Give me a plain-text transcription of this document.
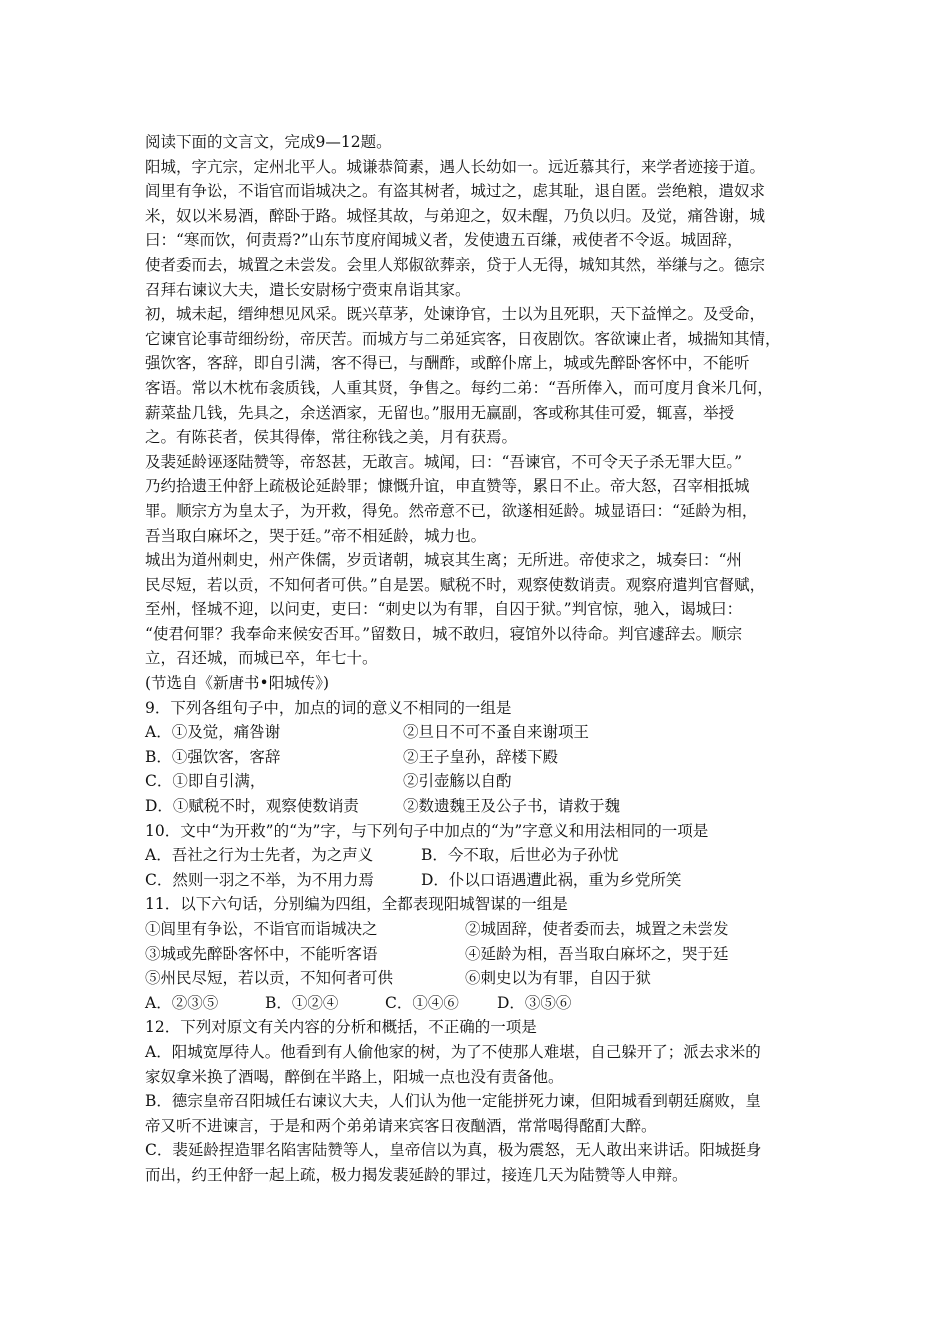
阅读下面的文言文，完成9—12题。
阳城，字亢宗，定州北平人。城谦恭简素，遇人长幼如一。远近慕其行，来学者迹接于道。
闾里有争讼，不诣官而诣城决之。有盗其树者，城过之，虑其耻，退自匿。尝绝粮，遣奴求
米，奴以米易酒，醉卧于路。城怪其故，与弟迎之，奴未醒，乃负以归。及觉，痛咎谢，城
曰：“寒而饮，何责焉?”山东节度府闻城义者，发使遗五百缣，戒使者不令返。城固辞，
使者委而去，城置之未尝发。会里人郑俶欲葬亲，贷于人无得，城知其然，举缣与之。德宗
召拜右谏议大夫，遣长安尉杨宁赍束帛诣其家。
初，城未起，缙绅想见风采。既兴草茅，处谏诤官，士以为且死职，天下益惮之。及受命，
它谏官论事苛细纷纷，帝厌苦。而城方与二弟延宾客，日夜剧饮。客欲谏止者，城揣知其情，
强饮客，客辞，即自引满，客不得已，与酬酢，或醉仆席上，城或先醉卧客怀中，不能听
客语。常以木枕布衾质钱，人重其贤，争售之。每约二弟：“吾所俸入，而可度月食米几何，
薪菜盐几钱，先具之，余送酒家，无留也。”服用无赢副，客或称其佳可爱，辄喜，举授
之。有陈苌者，侯其得俸，常往称钱之美，月有获焉。
及裴延龄诬逐陆赞等，帝怒甚，无敢言。城闻，曰：“吾谏官，不可令天子杀无罪大臣。”
乃约拾遗王仲舒上疏极论延龄罪；慷慨升谊，申直赞等，累日不止。帝大怒，召宰相抵城
罪。顺宗方为皇太子，为开救，得免。然帝意不已，欲遂相延龄。城显语曰：“延龄为相，
吾当取白麻坏之，哭于廷。”帝不相延龄，城力也。
城出为道州刺史，州产侏儒，岁贡诸朝，城哀其生离；无所进。帝使求之，城奏曰：“州
民尽短，若以贡，不知何者可供。”自是罢。赋税不时，观察使数诮责。观察府遣判官督赋，
至州，怪城不迎，以问吏，吏曰：“刺史以为有罪，自囚于狱。”判官惊，驰入，谒城曰：
“使君何罪？我奉命来候安否耳。”留数日，城不敢归，寝馆外以待命。判官遽辞去。顺宗
立，召还城，而城已卒，年七十。
(节选自《新唐书•阳城传》)
9．下列各组句子中，加点的词的意义不相同的一组是
A．①及觉，痛咎谢	②旦日不可不蚤自来谢项王
B．①强饮客，客辞	②王子皇孙，辞楼下殿
C．①即自引满，	②引壶觞以自酌
D．①赋税不时，观察使数诮责	②数遗魏王及公子书，请救于魏
10．文中“为开救”的“为”字，与下列句子中加点的“为”字意义和用法相同的一项是
A．吾社之行为士先者，为之声义	B．今不取，后世必为子孙忧
C．然则一羽之不举，为不用力焉	D．仆以口语遇遭此祸，重为乡党所笑
11．以下六句话，分别编为四组，全都表现阳城智谋的一组是
①闾里有争讼，不诣官而诣城决之	②城固辞，使者委而去，城置之未尝发
③城或先醉卧客怀中，不能听客语	④延龄为相，吾当取白麻坏之，哭于廷
⑤州民尽短，若以贡，不知何者可供	⑥刺史以为有罪，自囚于狱
A．②③⑤	B．①②④	C．①④⑥ D．③⑤⑥
12．下列对原文有关内容的分析和概括，不正确的一项是
A．阳城宽厚待人。他看到有人偷他家的树，为了不使那人难堪，自己躲开了；派去求米的
家奴拿米换了酒喝，醉倒在半路上，阳城一点也没有责备他。
B．德宗皇帝召阳城任右谏议大夫，人们认为他一定能拼死力谏，但阳城看到朝廷腐败，皇
帝又听不进谏言，于是和两个弟弟请来宾客日夜酗酒，常常喝得酩酊大醉。
C．裴延龄捏造罪名陷害陆赞等人，皇帝信以为真，极为震怒，无人敢出来讲话。阳城挺身
而出，约王仲舒一起上疏，极力揭发裴延龄的罪过，接连几天为陆赞等人申辩。
